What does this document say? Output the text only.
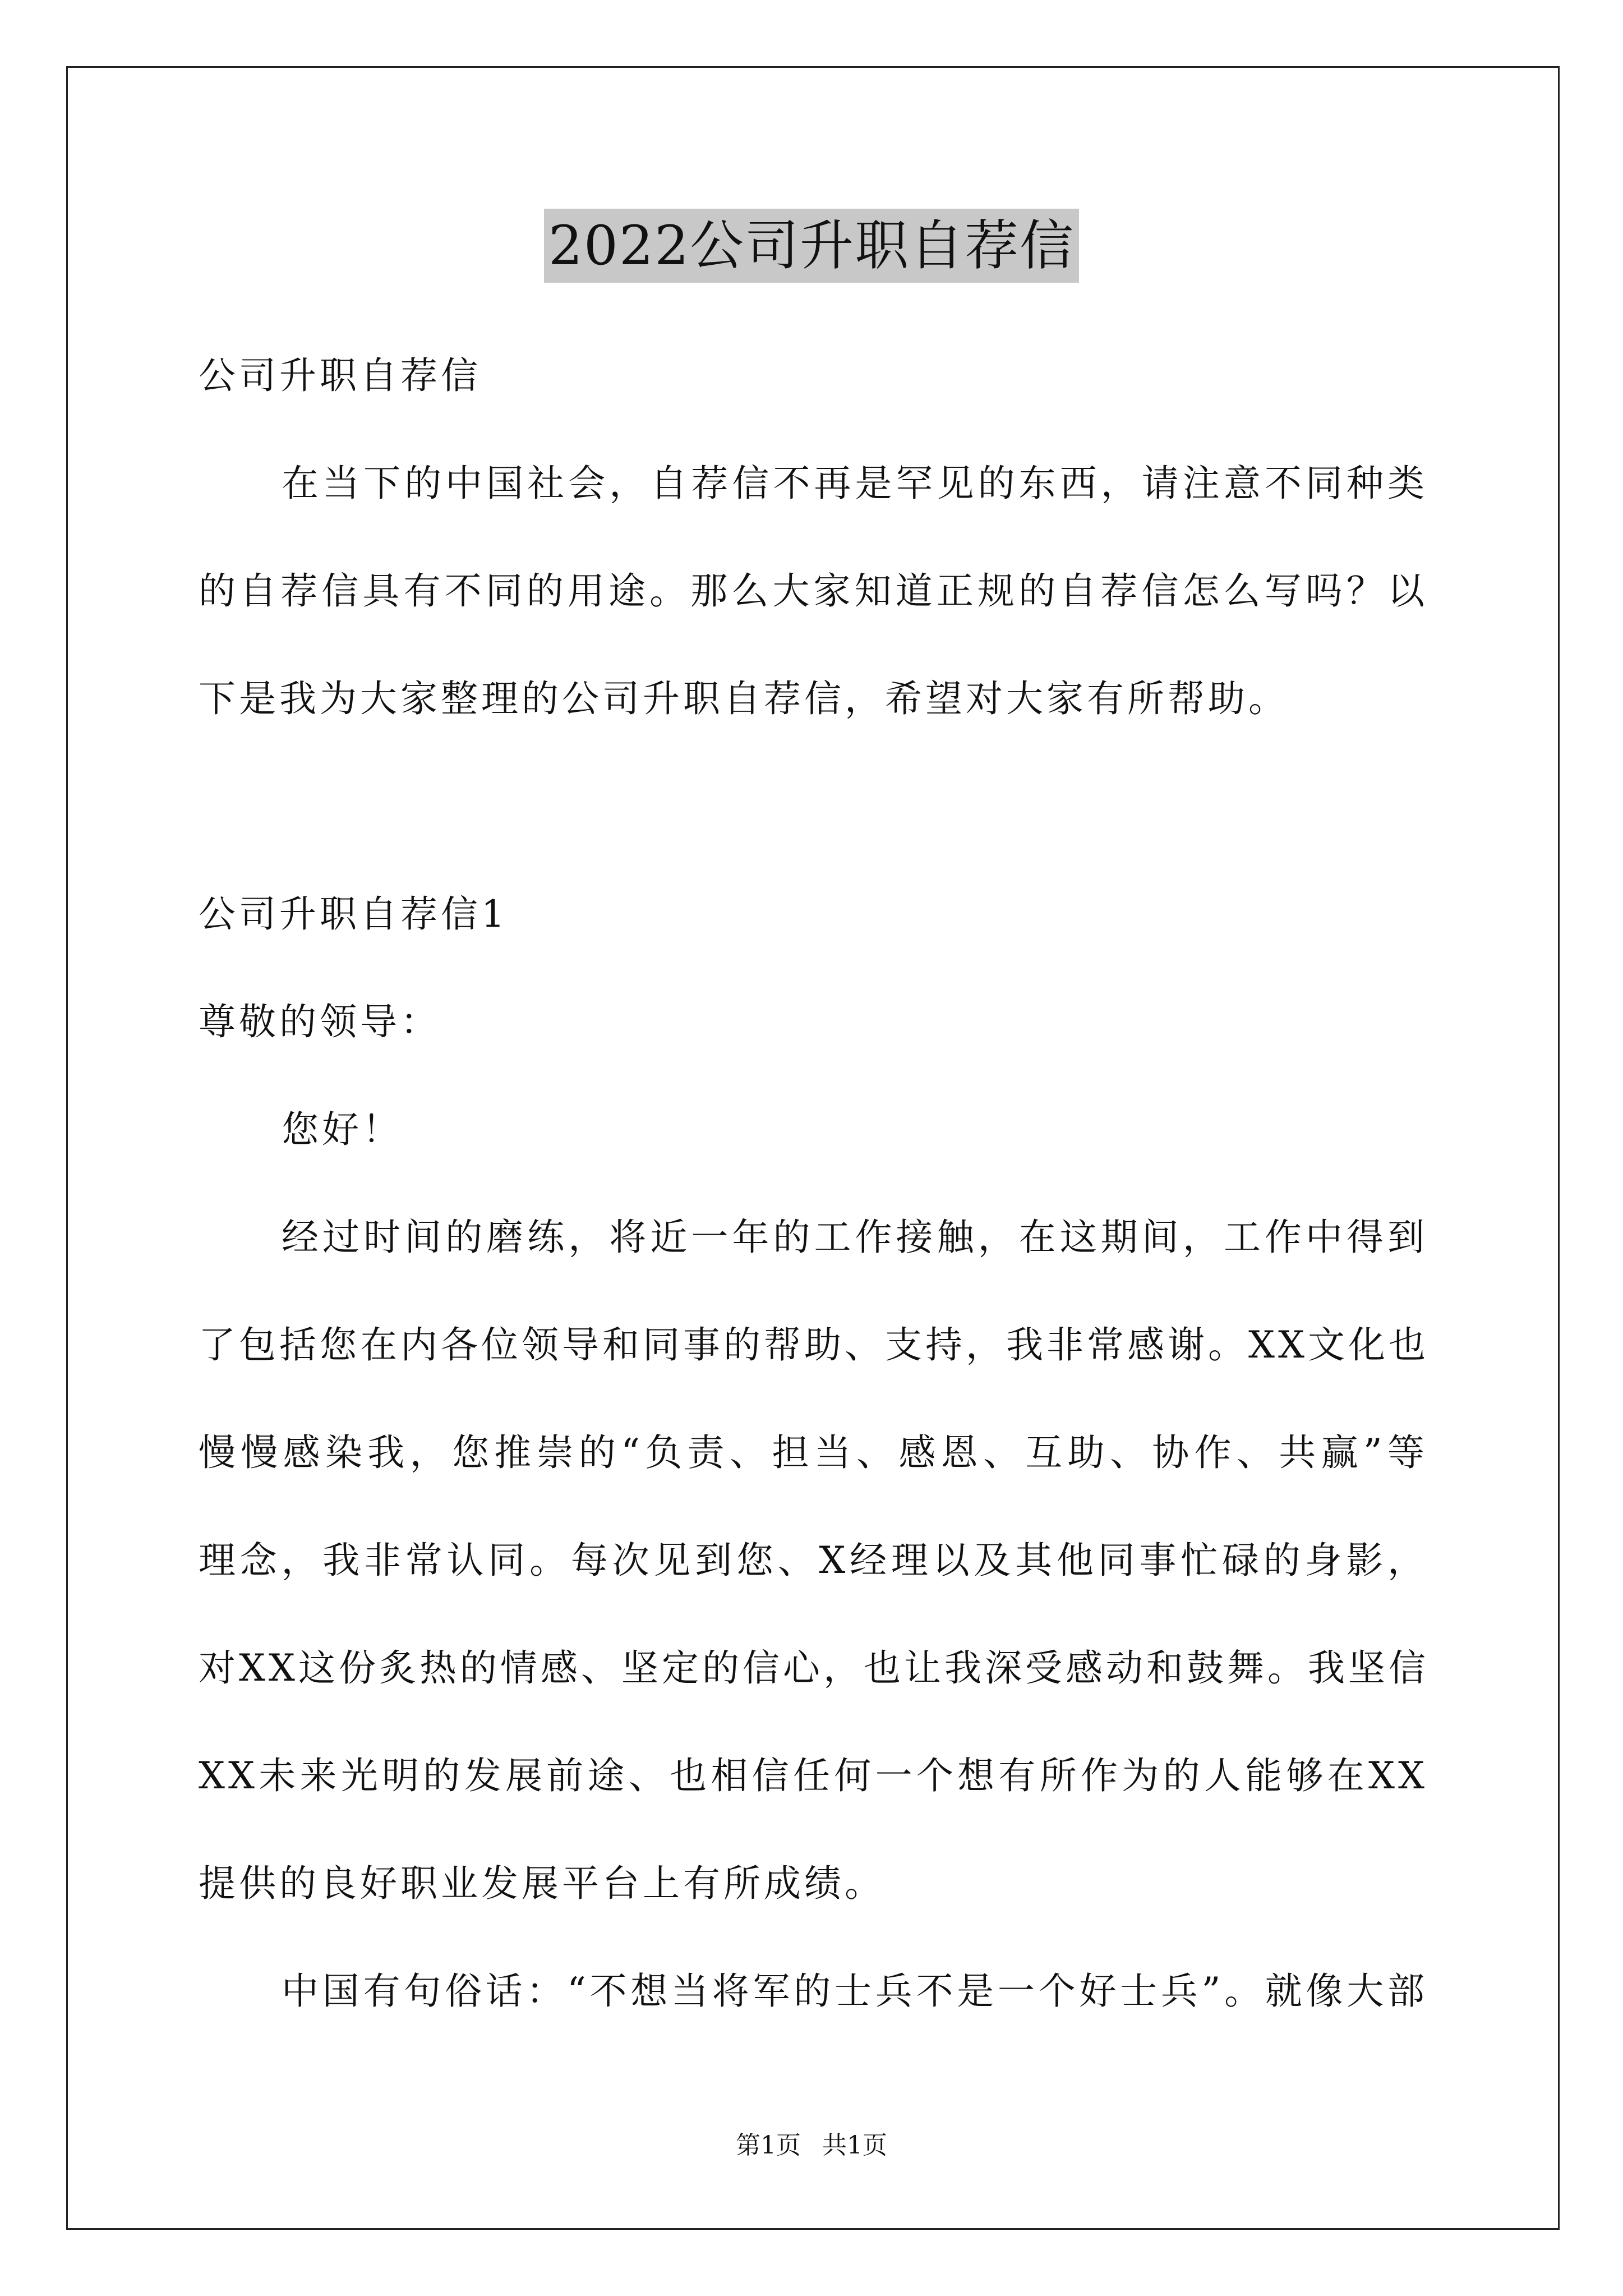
2022公司升职自荐信
公司升职自荐信
在当下的中国社会，自荐信不再是罕见的东西，请注意不同种类
的自荐信具有不同的用途。那么大家知道正规的自荐信怎么写吗？以
下是我为大家整理的公司升职自荐信，希望对大家有所帮助。
公司升职自荐信1
尊敬的领导：
您好！
经过时间的磨练，将近一年的工作接触，在这期间，工作中得到
了包括您在内各位领导和同事的帮助、支持，我非常感谢。XX文化也
慢慢感染我，您推崇的“负责、担当、感恩、互助、协作、共赢”等
理念，我非常认同。每次见到您、X经理以及其他同事忙碌的身影，
对XX这份炙热的情感、坚定的信心，也让我深受感动和鼓舞。我坚信
XX未来光明的发展前途、也相信任何一个想有所作为的人能够在XX
提供的良好职业发展平台上有所成绩。
中国有句俗话：“不想当将军的士兵不是一个好士兵”。就像大部
第1页 共1页
